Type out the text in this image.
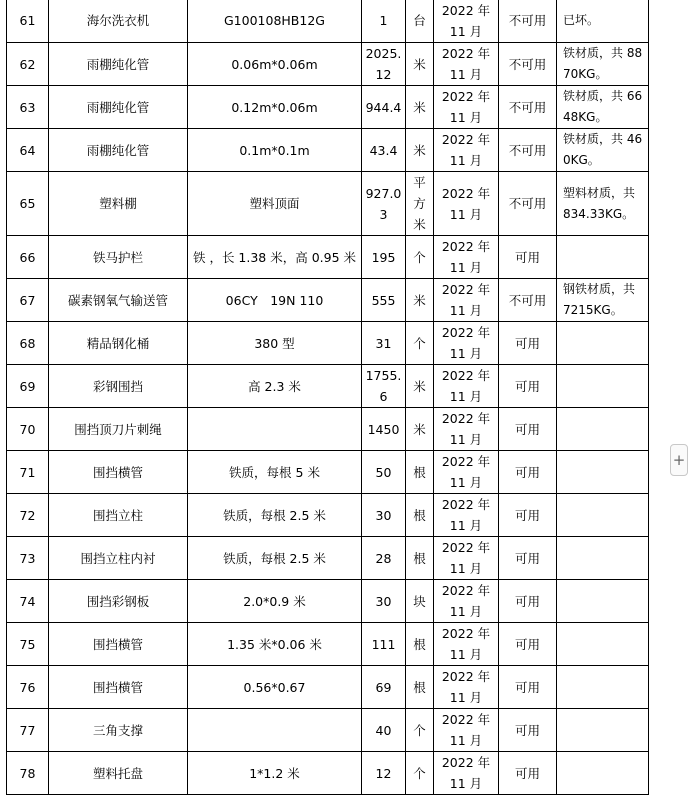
61	海尔洗衣机	G100108HB12G	1	台	2022 年 11 月	不可用	已坏。
62	雨棚纯化管	0.06m*0.06m	2025.12	米	2022 年 11 月	不可用	铁材质，共 8870KG。
63	雨棚纯化管	0.12m*0.06m	944.4	米	2022 年 11 月	不可用	铁材质，共 6648KG。
64	雨棚纯化管	0.1m*0.1m	43.4	米	2022 年 11 月	不可用	铁材质，共 460KG。
65	塑料棚	塑料顶面	927.03	平方米	2022 年 11 月	不可用	塑料材质，共 834.33KG。
66	铁马护栏	铁 ，长 1.38 米，高 0.95 米	195	个	2022 年 11 月	可用	
67	碳素钢氧气输送管	06CY　19N 110	555	米	2022 年 11 月	不可用	钢铁材质，共 7215KG。
68	精品钢化桶	380 型	31	个	2022 年 11 月	可用	
69	彩钢围挡	高 2.3 米	1755.6	米	2022 年 11 月	可用	
70	围挡顶刀片刺绳		1450	米	2022 年 11 月	可用	
71	围挡横管	铁质，每根 5 米	50	根	2022 年 11 月	可用	
72	围挡立柱	铁质，每根 2.5 米	30	根	2022 年 11 月	可用	
73	围挡立柱内衬	铁质，每根 2.5 米	28	根	2022 年 11 月	可用	
74	围挡彩钢板	2.0*0.9 米	30	块	2022 年 11 月	可用	
75	围挡横管	1.35 米*0.06 米	111	根	2022 年 11 月	可用	
76	围挡横管	0.56*0.67	69	根	2022 年 11 月	可用	
77	三角支撑		40	个	2022 年 11 月	可用	
78	塑料托盘	1*1.2 米	12	个	2022 年 11 月	可用	
+
